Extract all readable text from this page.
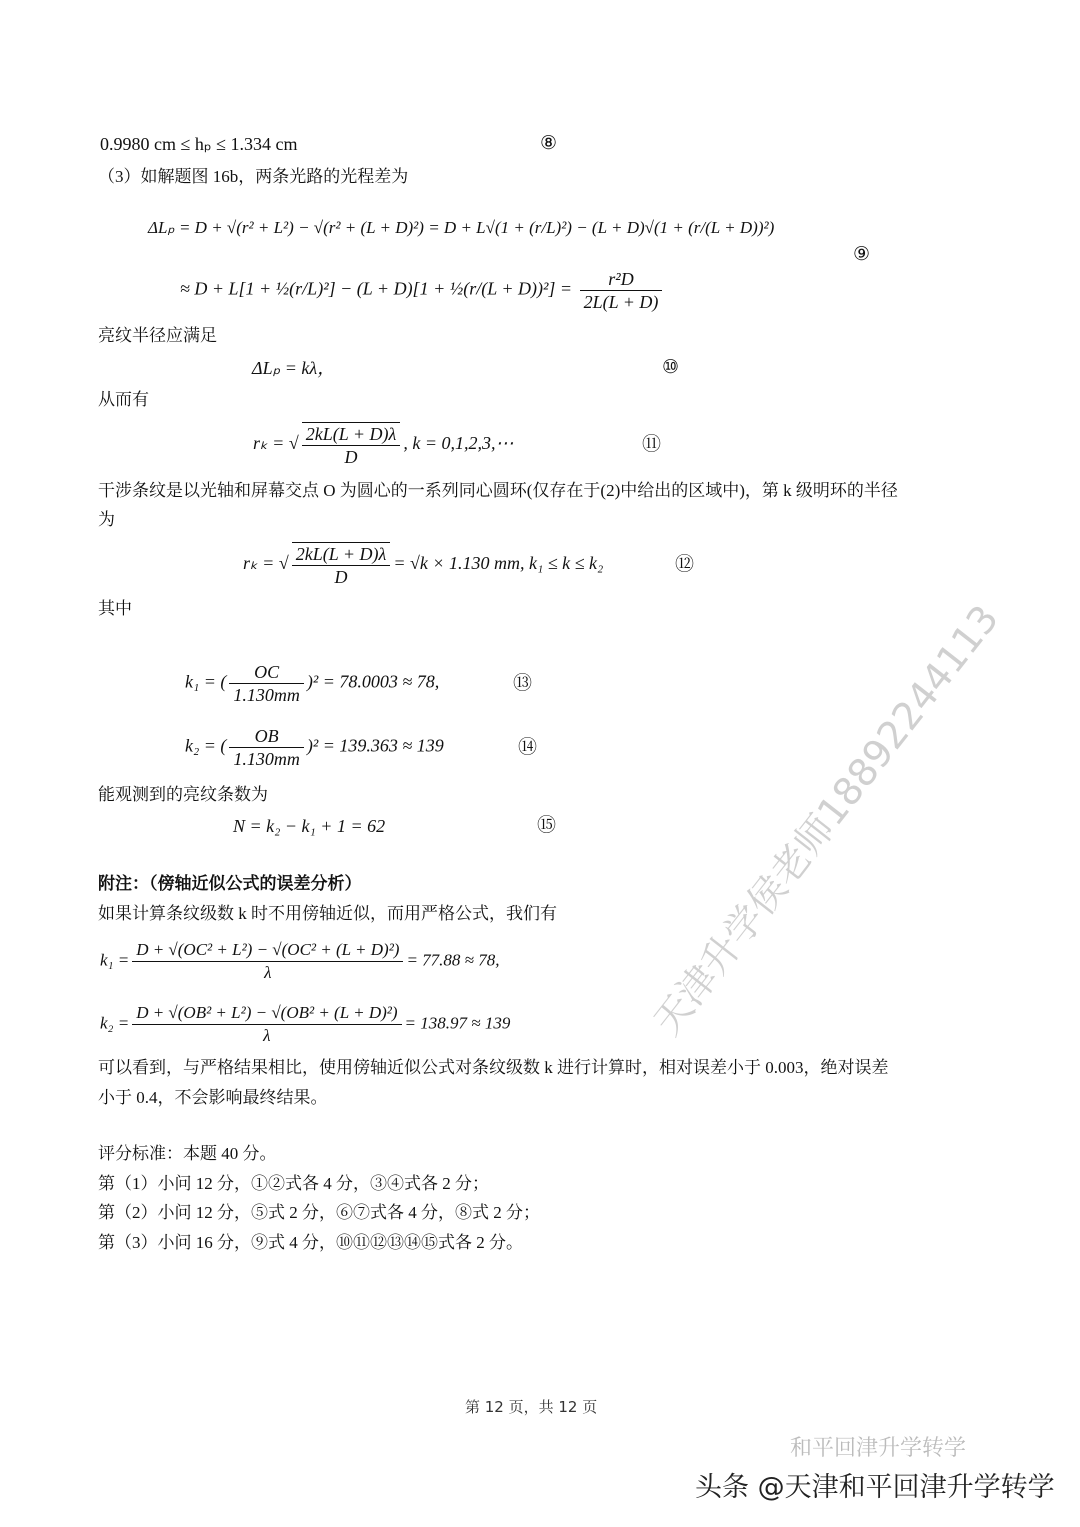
天津升学侯老师18892244113
0.9980 cm ≤ hₚ ≤ 1.334 cm	⑧
（3）如解题图 16b，两条光路的光程差为
ΔLₚ = D + √(r² + L²) − √(r² + (L + D)²) = D + L√(1 + (r/L)²) − (L + D)√(1 + (r/(L + D))²)
≈ D + L[1 + ½(r/L)²] − (L + D)[1 + ½(r/(L + $D))^2] = \frac{\text{r²D}}{2L(L + D)}$
⑨
亮纹半径应满足
ΔLₚ = kλ，	⑩
从而有
rₖ = √ $\frac{2kL(L + D)\lambda}{D}$ , k = 0,1,2,3,⋯	⑪
干涉条纹是以光轴和屏幕交点 O 为圆心的一系列同心圆环(仅存在于(2)中给出的区域中)，第 k 级明环的半径
为
rₖ = √ $\frac{2kL(L + D)\lambda}{D} = √k \times 1.130$ mm, k₁ ≤ k ≤ k₂	⑫
其中
k₁ = ( $\frac{OC}{1.130mm} )^2 = 78.0003 \approx 78$,	⑬
k₂ = ( $\frac{OB}{1.130mm} )^2 = 139.363 \approx 139$	⑭
能观测到的亮纹条数为
N = k₂ − k₁ + 1 = 62	⑮
附注：（傍轴近似公式的误差分析）
如果计算条纹级数 k 时不用傍轴近似，而用严格公式，我们有
$k_1 = \frac{\text{D + √(OC² + L²) − √(OC² + (L + D)²)}}{\lambda} = 77.88 \approx 78$,
$k_2 = \frac{\text{D + √(OB² + L²) − √(OB² + (L + D)²)}}{\lambda} = 138.97 \approx 139$
可以看到，与严格结果相比，使用傍轴近似公式对条纹级数 k 进行计算时，相对误差小于 0.003，绝对误差
小于 0.4，不会影响最终结果。
评分标准：本题 40 分。
第（1）小问 12 分，①②式各 4 分，③④式各 2 分；
第（2）小问 12 分，⑤式 2 分，⑥⑦式各 4 分，⑧式 2 分；
第（3）小问 16 分，⑨式 4 分，⑩⑪⑫⑬⑭⑮式各 2 分。
第 12 页，共 12 页
和平回津升学转学
头条 @天津和平回津升学转学
